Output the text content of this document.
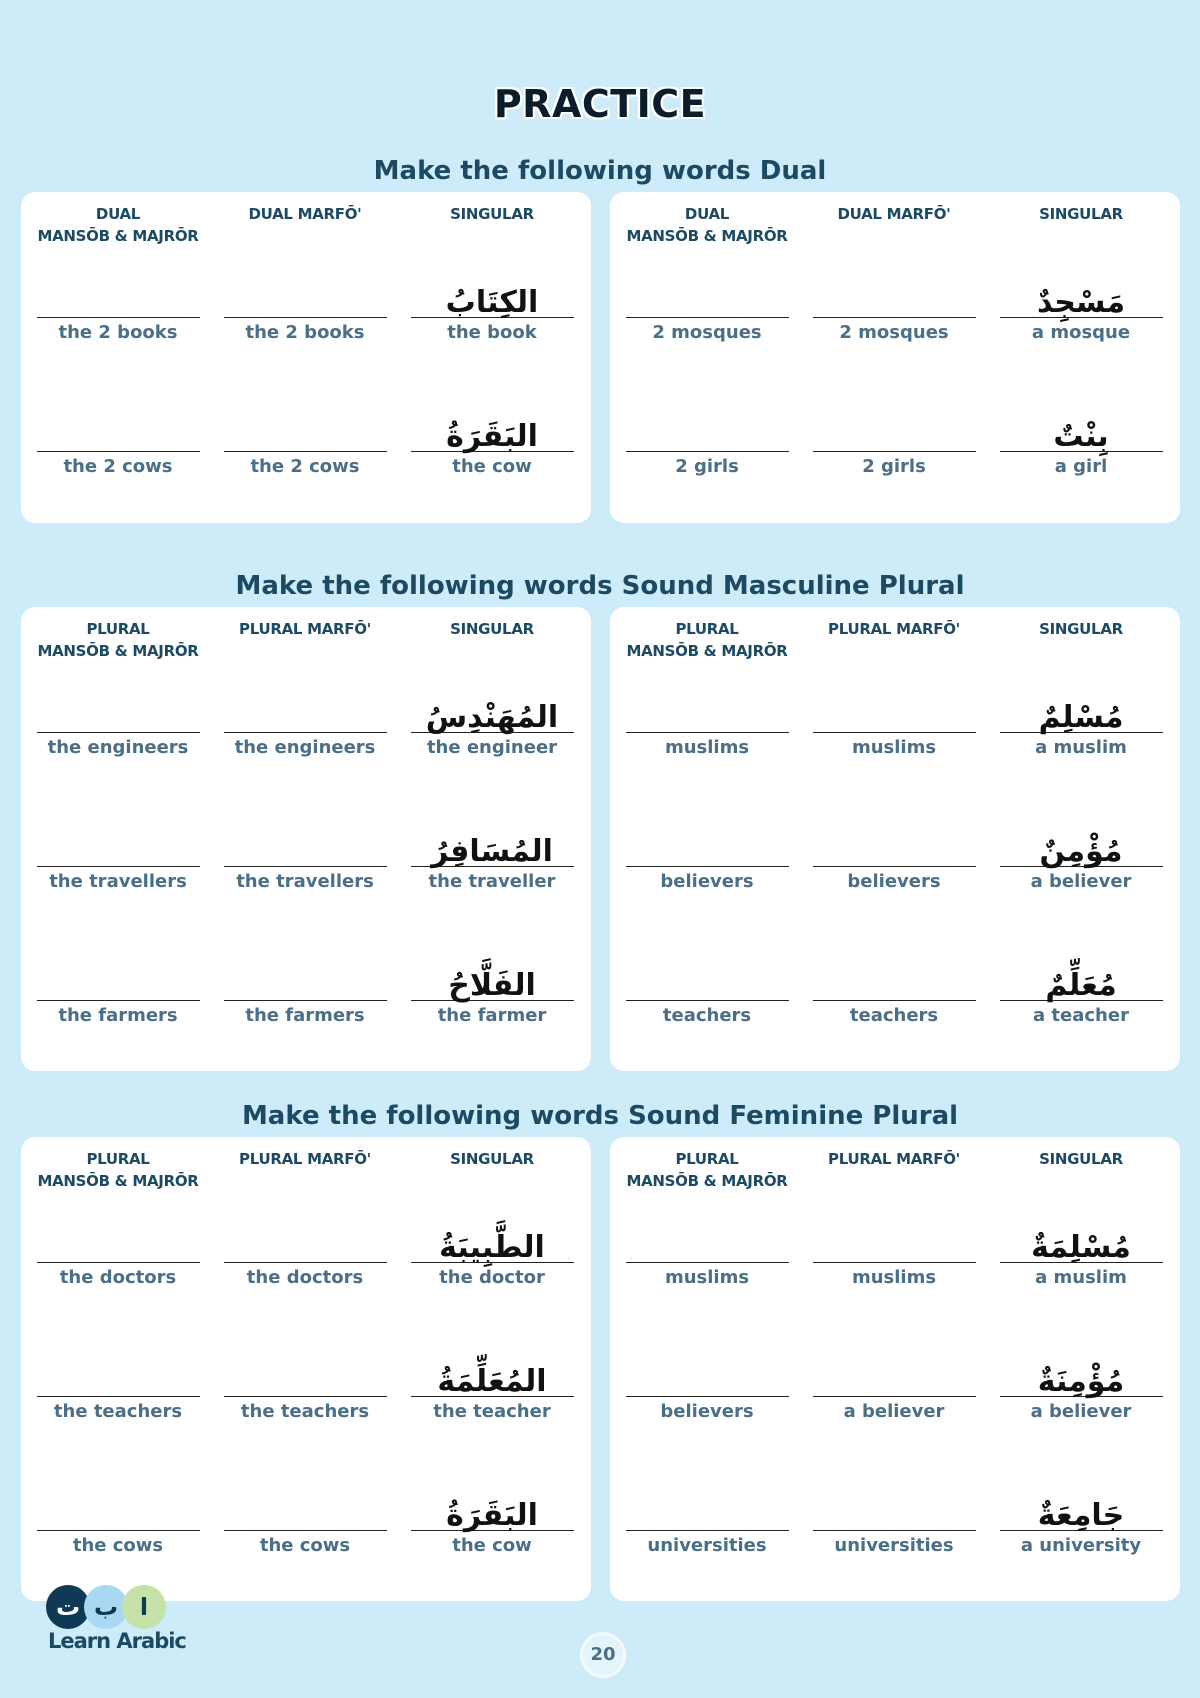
PRACTICE
Make the following words Dual
DUAL
MANSŌB & MAJRŌR
DUAL MARFŌ'	SINGULAR
the 2 books	the 2 books	the book
الكِتَابُ
the 2 cows	the 2 cows	the cow
البَقَرَةُ
DUAL
MANSŌB & MAJRŌR
DUAL MARFŌ'	SINGULAR
2 mosques	2 mosques	a mosque
مَسْجِدٌ
2 girls	2 girls	a girl
بِنْتٌ
Make the following words Sound Masculine Plural
PLURAL
MANSŌB & MAJRŌR
PLURAL MARFŌ'	SINGULAR
the engineers	the engineers	the engineer
المُهَنْدِسُ
the travellers	the travellers	the traveller
المُسَافِرُ
the farmers	the farmers	the farmer
الفَلَّاحُ
PLURAL
MANSŌB & MAJRŌR
PLURAL MARFŌ'	SINGULAR
muslims	muslims	a muslim
مُسْلِمٌ
believers	believers	a believer
مُؤْمِنٌ
teachers	teachers	a teacher
مُعَلِّمٌ
Make the following words Sound Feminine Plural
PLURAL
MANSŌB & MAJRŌR
PLURAL MARFŌ'	SINGULAR
the doctors	the doctors	the doctor
الطَّبِيبَةُ
the teachers	the teachers	the teacher
المُعَلِّمَةُ
the cows	the cows	the cow
البَقَرَةُ
PLURAL
MANSŌB & MAJRŌR
PLURAL MARFŌ'	SINGULAR
muslims	muslims	a muslim
مُسْلِمَةٌ
believers	a believer	a believer
مُؤْمِنَةٌ
universities	universities	a university
جَامِعَةٌ
ت ب ا
Learn Arabic
20
